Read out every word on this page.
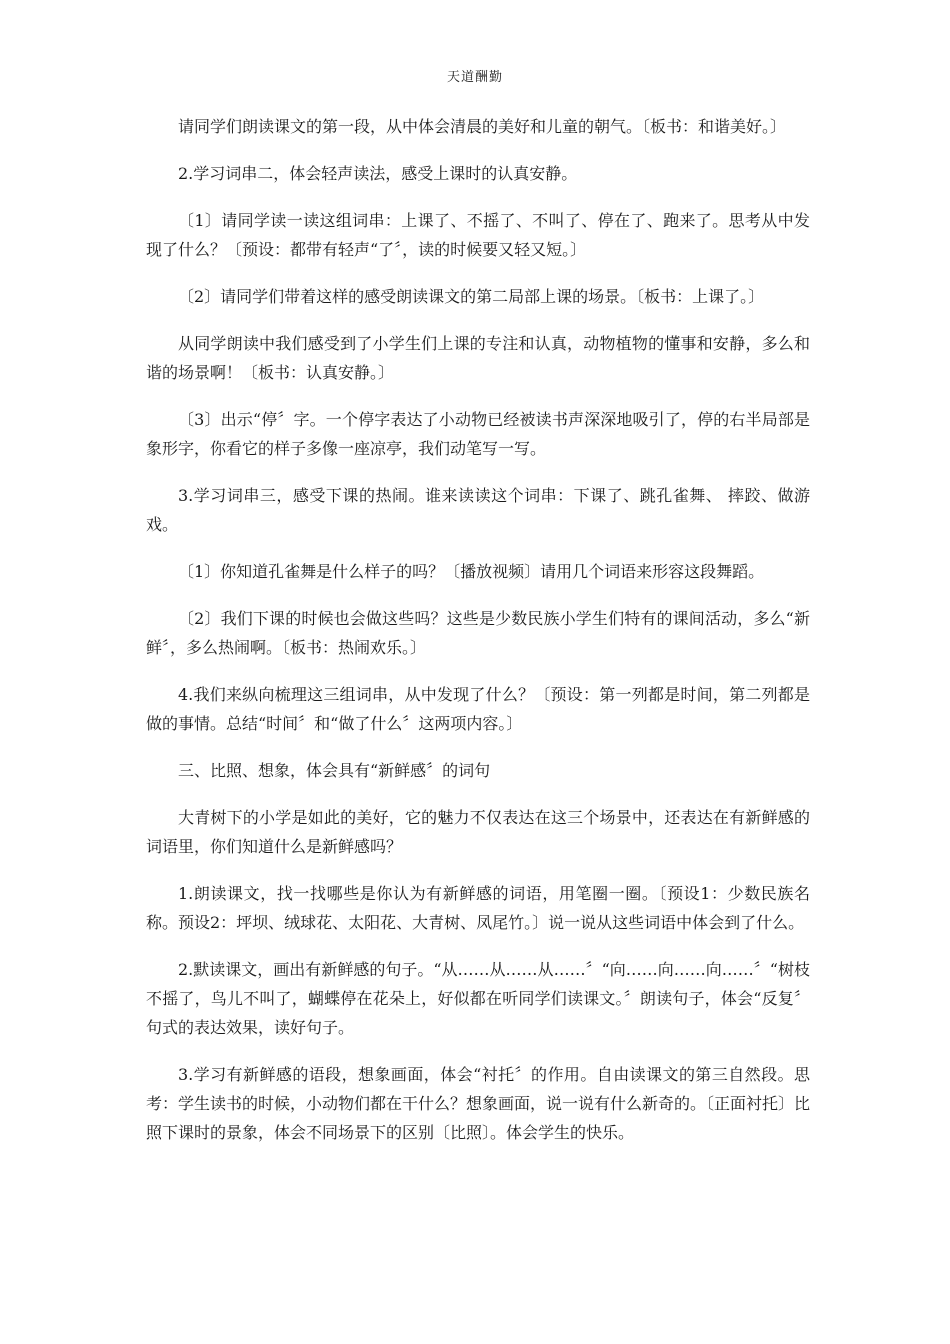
天道酬勤

请同学们朗读课文的第一段，从中体会清晨的美好和儿童的朝气。〔板书：和谐美好。〕

2.学习词串二，体会轻声读法，感受上课时的认真安静。

〔1〕请同学读一读这组词串：上课了、不摇了、不叫了、停在了、跑来了。思考从中发现了什么？〔预设：都带有轻声“了〞，读的时候要又轻又短。〕

〔2〕请同学们带着这样的感受朗读课文的第二局部上课的场景。〔板书：上课了。〕

从同学朗读中我们感受到了小学生们上课的专注和认真，动物植物的懂事和安静，多么和谐的场景啊！〔板书：认真安静。〕

〔3〕出示“停〞字。一个停字表达了小动物已经被读书声深深地吸引了，停的右半局部是象形字，你看它的样子多像一座凉亭，我们动笔写一写。

3.学习词串三，感受下课的热闹。谁来读读这个词串：下课了、跳孔雀舞、 摔跤、做游戏。

〔1〕你知道孔雀舞是什么样子的吗？〔播放视频〕请用几个词语来形容这段舞蹈。

〔2〕我们下课的时候也会做这些吗？这些是少数民族小学生们特有的课间活动，多么“新鲜〞，多么热闹啊。〔板书：热闹欢乐。〕

4.我们来纵向梳理这三组词串，从中发现了什么？〔预设：第一列都是时间，第二列都是做的事情。总结“时间〞和“做了什么〞这两项内容。〕

三、比照、想象，体会具有“新鲜感〞的词句

大青树下的小学是如此的美好，它的魅力不仅表达在这三个场景中，还表达在有新鲜感的词语里，你们知道什么是新鲜感吗？

1.朗读课文，找一找哪些是你认为有新鲜感的词语，用笔圈一圈。〔预设1：少数民族名称。预设2：坪坝、绒球花、太阳花、大青树、凤尾竹。〕说一说从这些词语中体会到了什么。

2.默读课文，画出有新鲜感的句子。“从……从……从……〞“向……向……向……〞“树枝不摇了，鸟儿不叫了，蝴蝶停在花朵上，好似都在听同学们读课文。〞朗读句子，体会“反复〞句式的表达效果，读好句子。

3.学习有新鲜感的语段，想象画面，体会“衬托〞的作用。自由读课文的第三自然段。思考：学生读书的时候，小动物们都在干什么？想象画面，说一说有什么新奇的。〔正面衬托〕比照下课时的景象，体会不同场景下的区别〔比照〕。体会学生的快乐。
